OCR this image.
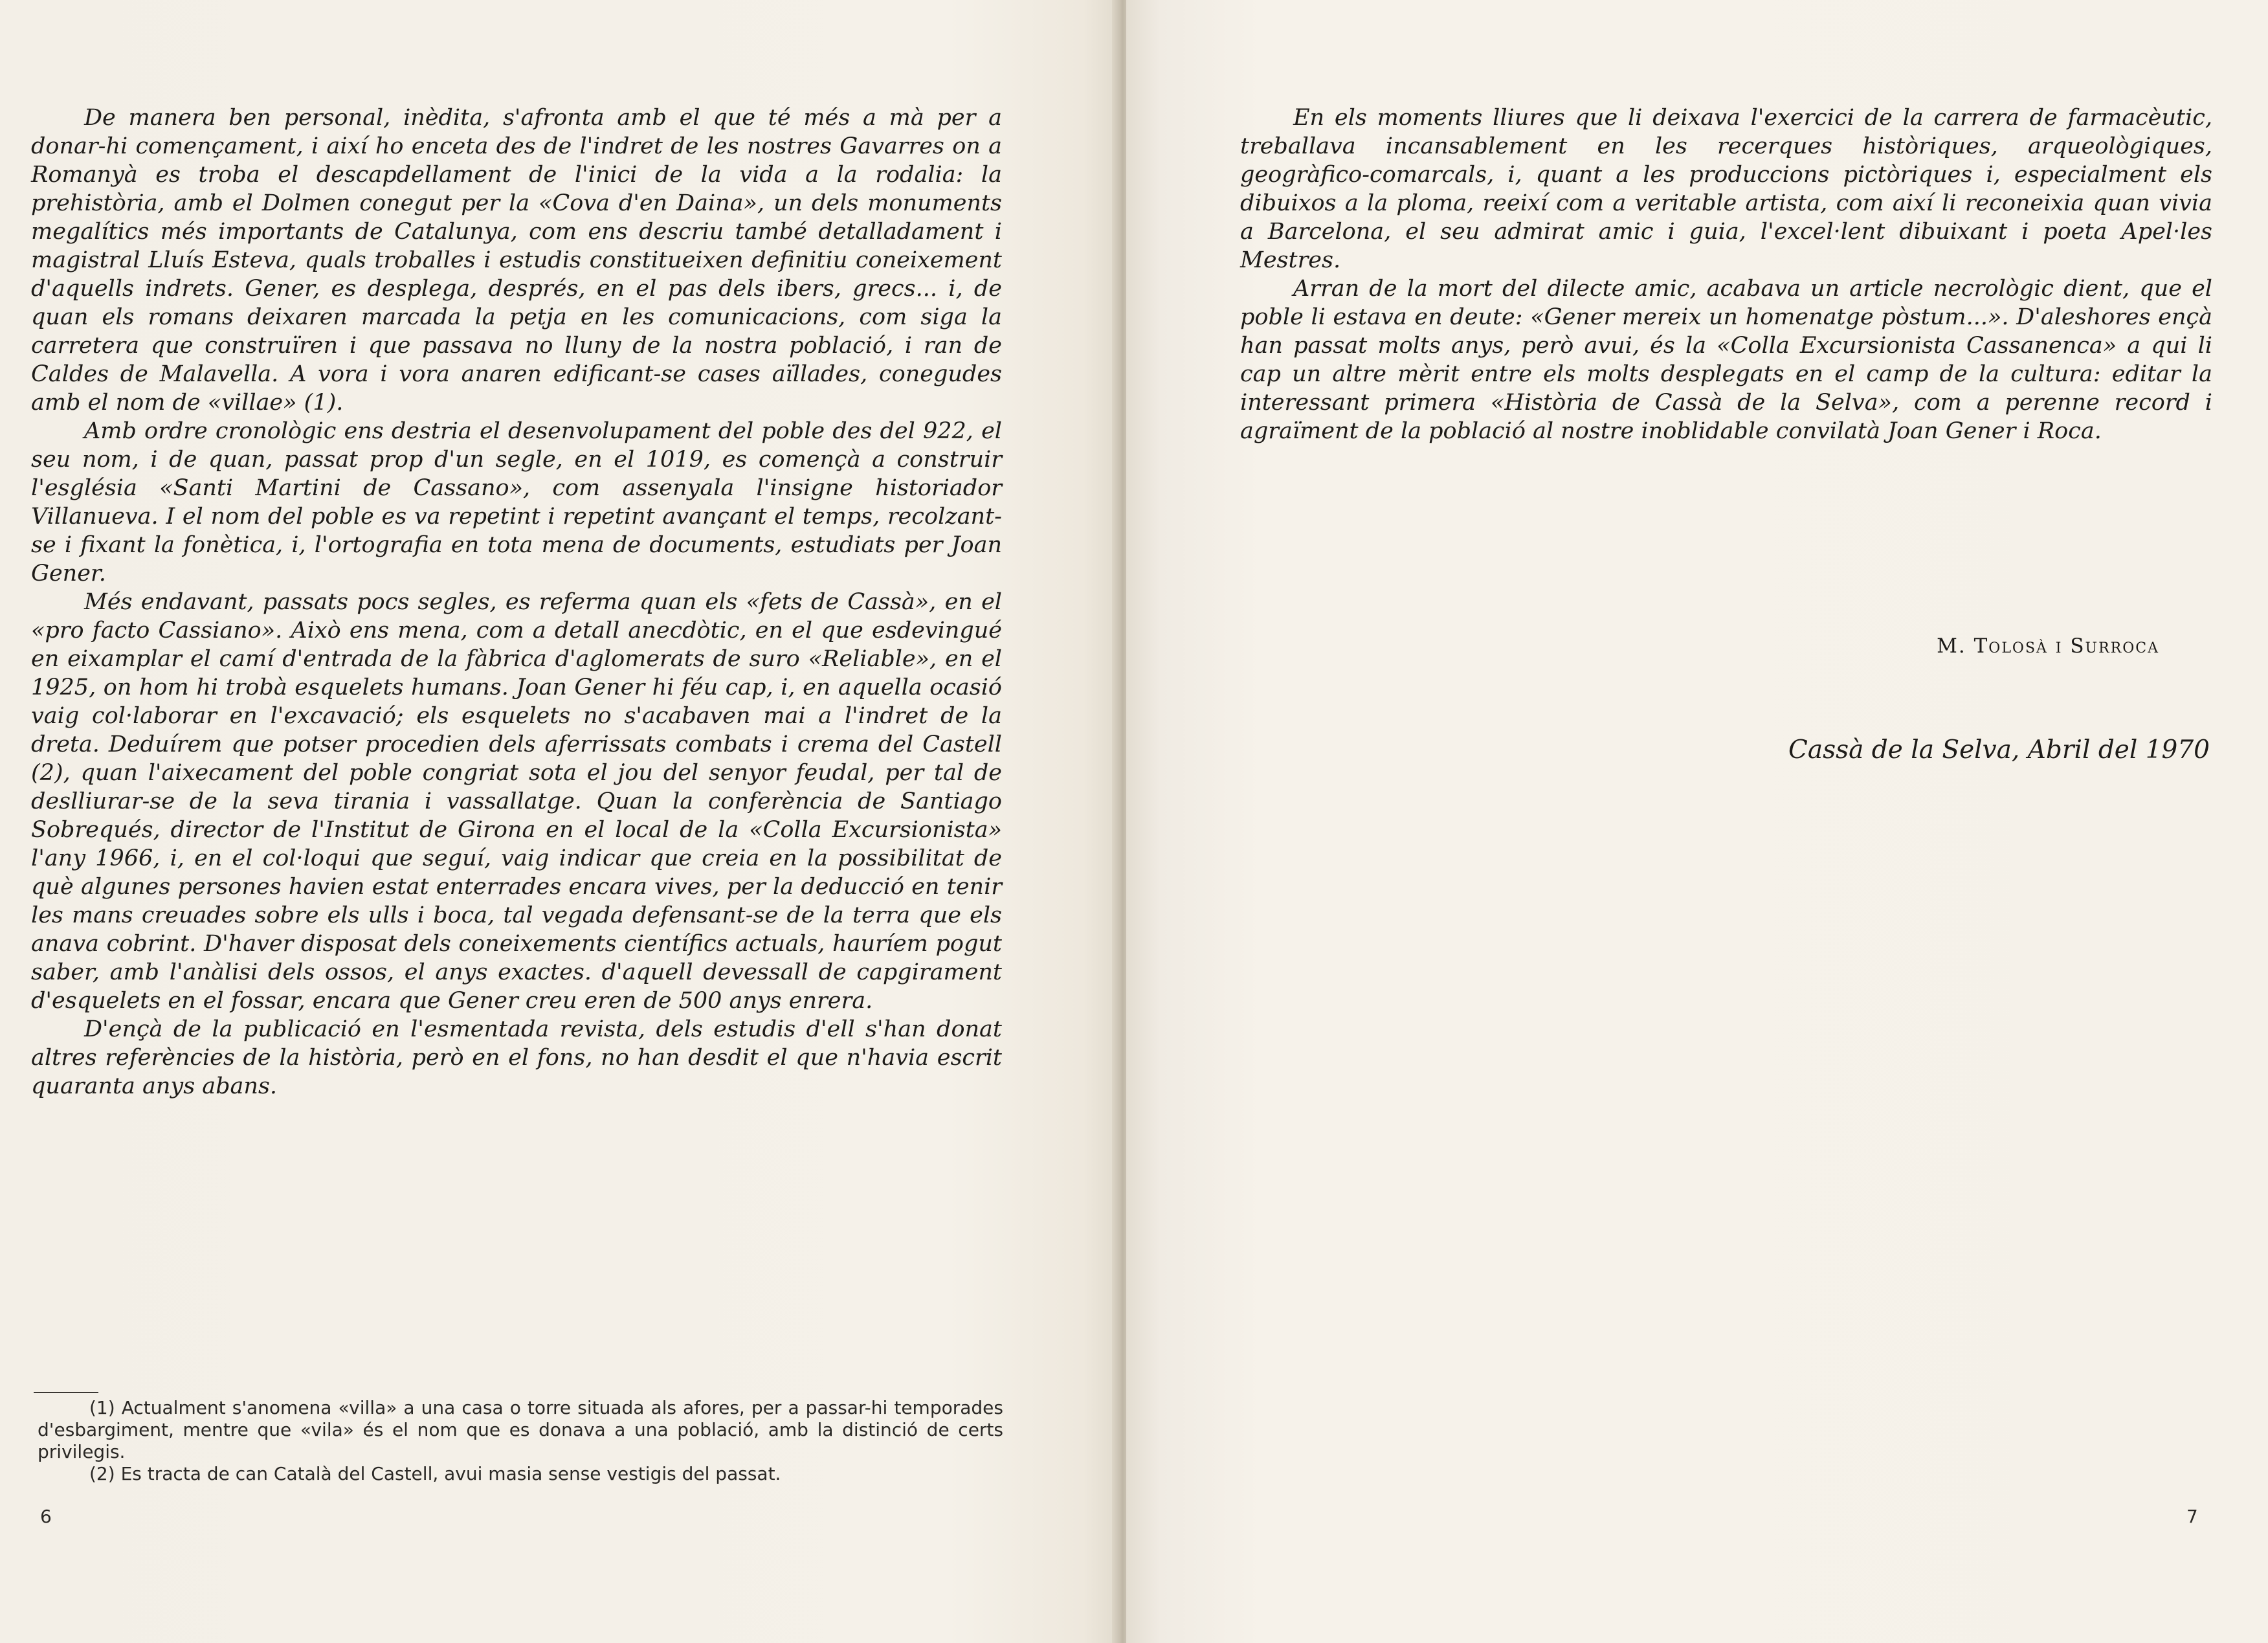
De manera ben personal, inèdita, s'afronta amb el que té més a mà per a donar-hi començament, i així ho enceta des de l'indret de les nostres Gavarres on a Romanyà es troba el descapdellament de l'inici de la vida a la rodalia: la prehistòria, amb el Dolmen conegut per la «Cova d'en Daina», un dels monuments megalítics més importants de Catalunya, com ens descriu també detalladament i magistral Lluís Esteva, quals troballes i estudis constitueixen definitiu coneixement d'aquells indrets. Gener, es desplega, després, en el pas dels ibers, grecs... i, de quan els romans deixaren marcada la petja en les comunicacions, com siga la carretera que construïren i que passava no lluny de la nostra població, i ran de Caldes de Malavella. A vora i vora anaren edificant-se cases aïllades, conegudes amb el nom de «villae» (1).

Amb ordre cronològic ens destria el desenvolupament del poble des del 922, el seu nom, i de quan, passat prop d'un segle, en el 1019, es començà a construir l'església «Santi Martini de Cassano», com assenyala l'insigne historiador Villanueva. I el nom del poble es va repetint i repetint avançant el temps, recolzant-se i fixant la fonètica, i, l'ortografia en tota mena de documents, estudiats per Joan Gener.

Més endavant, passats pocs segles, es referma quan els «fets de Cassà», en el «pro facto Cassiano». Això ens mena, com a detall anecdòtic, en el que esdevingué en eixamplar el camí d'entrada de la fàbrica d'aglomerats de suro «Reliable», en el 1925, on hom hi trobà esquelets humans. Joan Gener hi féu cap, i, en aquella ocasió vaig col·laborar en l'excavació; els esquelets no s'acabaven mai a l'indret de la dreta. Deduírem que potser procedien dels aferrissats combats i crema del Castell (2), quan l'aixecament del poble congriat sota el jou del senyor feudal, per tal de deslliurar-se de la seva tirania i vassallatge. Quan la conferència de Santiago Sobrequés, director de l'Institut de Girona en el local de la «Colla Excursionista» l'any 1966, i, en el col·loqui que seguí, vaig indicar que creia en la possibilitat de què algunes persones havien estat enterrades encara vives, per la deducció en tenir les mans creuades sobre els ulls i boca, tal vegada defensant-se de la terra que els anava cobrint. D'haver disposat dels coneixements científics actuals, hauríem pogut saber, amb l'anàlisi dels ossos, el anys exactes. d'aquell devessall de capgirament d'esquelets en el fossar, encara que Gener creu eren de 500 anys enrera.

D'ençà de la publicació en l'esmentada revista, dels estudis d'ell s'han donat altres referències de la història, però en el fons, no han desdit el que n'havia escrit quaranta anys abans.

(1) Actualment s'anomena «villa» a una casa o torre situada als afores, per a passar-hi temporades d'esbargiment, mentre que «vila» és el nom que es donava a una població, amb la distinció de certs privilegis.

(2) Es tracta de can Català del Castell, avui masia sense vestigis del passat.

6	7

En els moments lliures que li deixava l'exercici de la carrera de farmacèutic, treballava incansablement en les recerques històriques, arqueològiques, geogràfico-comarcals, i, quant a les produccions pictòriques i, especialment els dibuixos a la ploma, reeixí com a veritable artista, com així li reconeixia quan vivia a Barcelona, el seu admirat amic i guia, l'excel·lent dibuixant i poeta Apel·les Mestres.

Arran de la mort del dilecte amic, acabava un article necrològic dient, que el poble li estava en deute: «Gener mereix un homenatge pòstum...». D'aleshores ençà han passat molts anys, però avui, és la «Colla Excursionista Cassanenca» a qui li cap un altre mèrit entre els molts desplegats en el camp de la cultura: editar la interessant primera «Història de Cassà de la Selva», com a perenne record i agraïment de la població al nostre inoblidable convilatà Joan Gener i Roca.

M. Tolosà i Surroca
Cassà de la Selva, Abril del 1970
